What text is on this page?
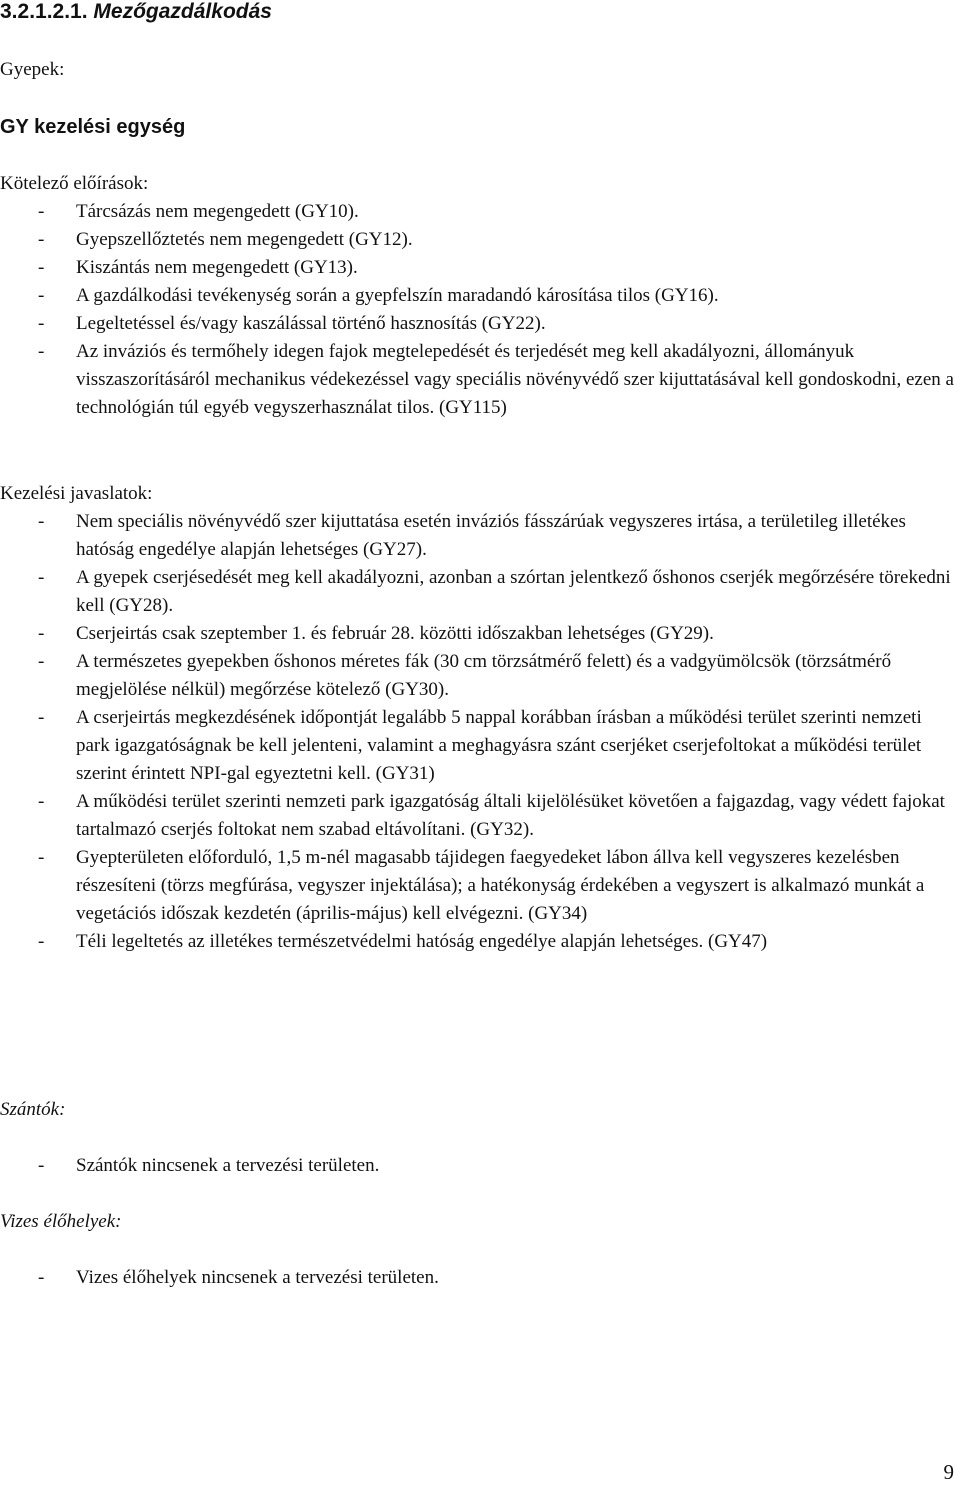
3.2.1.2.1. Mezőgazdálkodás

Gyepek:

GY kezelési egység

Kötelező előírások:

- Tárcsázás nem megengedett (GY10).
- Gyepszellőztetés nem megengedett (GY12).
- Kiszántás nem megengedett (GY13).
- A gazdálkodási tevékenység során a gyepfelszín maradandó károsítása tilos (GY16).
- Legeltetéssel és/vagy kaszálással történő hasznosítás (GY22).
- Az inváziós és termőhely idegen fajok megtelepedését és terjedését meg kell akadályozni, állományuk visszaszorításáról mechanikus védekezéssel vagy speciális növényvédő szer kijuttatásával kell gondoskodni, ezen a technológián túl egyéb vegyszerhasználat tilos. (GY115)

Kezelési javaslatok:

- Nem speciális növényvédő szer kijuttatása esetén inváziós fásszárúak vegyszeres irtása, a területileg illetékes hatóság engedélye alapján lehetséges (GY27).
- A gyepek cserjésedését meg kell akadályozni, azonban a szórtan jelentkező őshonos cserjék megőrzésére törekedni kell (GY28).
- Cserjeirtás csak szeptember 1. és február 28. közötti időszakban lehetséges (GY29).
- A természetes gyepekben őshonos méretes fák (30 cm törzsátmérő felett) és a vadgyümölcsök (törzsátmérő megjelölése nélkül) megőrzése kötelező (GY30).
- A cserjeirtás megkezdésének időpontját legalább 5 nappal korábban írásban a működési terület szerinti nemzeti park igazgatóságnak be kell jelenteni, valamint a meghagyásra szánt cserjéket cserjefoltokat a működési terület szerint érintett NPI-gal egyeztetni kell. (GY31)
- A működési terület szerinti nemzeti park igazgatóság általi kijelölésüket követően a fajgazdag, vagy védett fajokat tartalmazó cserjés foltokat nem szabad eltávolítani. (GY32).
- Gyepterületen előforduló, 1,5 m-nél magasabb tájidegen faegyedeket lábon állva kell vegyszeres kezelésben részesíteni (törzs megfúrása, vegyszer injektálása); a hatékonyság érdekében a vegyszert is alkalmazó munkát a vegetációs időszak kezdetén (április-május) kell elvégezni. (GY34)
- Téli legeltetés az illetékes természetvédelmi hatóság engedélye alapján lehetséges. (GY47)

Szántók:

- Szántók nincsenek a tervezési területen.

Vizes élőhelyek:

- Vizes élőhelyek nincsenek a tervezési területen.
9
